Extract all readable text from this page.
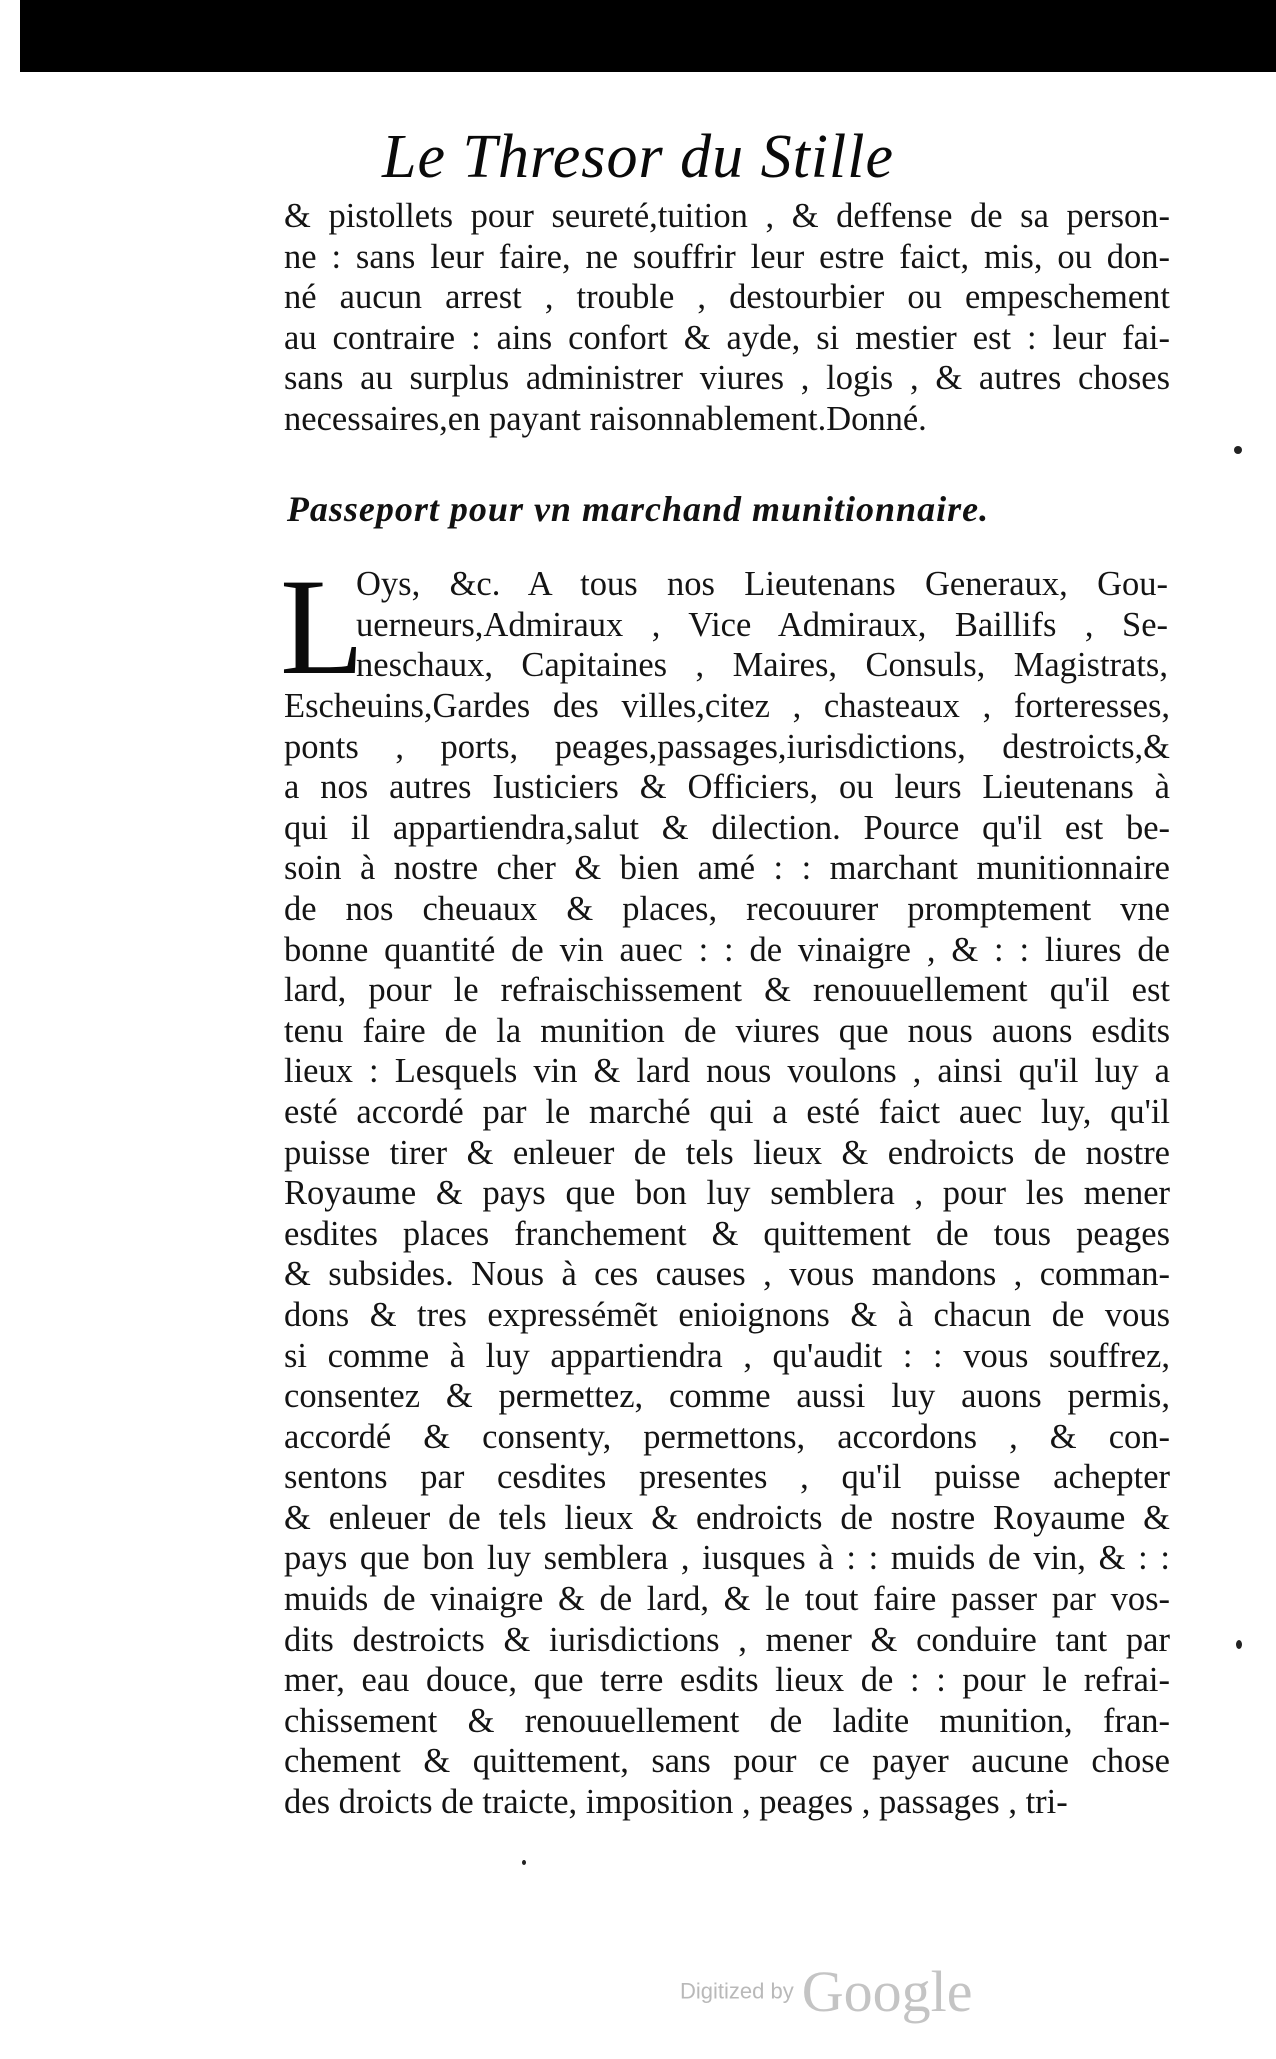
Le Thresor du Stille
& pistollets pour seureté,tuition , & deffense de sa person-
ne : sans leur faire, ne souffrir leur estre faict, mis, ou don-
né aucun arrest , trouble , destourbier ou empeschement
au contraire : ains confort & ayde, si mestier est : leur fai-
sans au surplus administrer viures , logis , & autres choses
necessaires,en payant raisonnablement.Donné.
Passeport pour vn marchand munitionnaire.
L
Oys, &c. A tous nos Lieutenans Generaux, Gou-
uerneurs,Admiraux , Vice Admiraux, Baillifs , Se-
neschaux, Capitaines , Maires, Consuls, Magistrats,
Escheuins,Gardes des villes,citez , chasteaux , forteresses,
ponts , ports, peages,passages,iurisdictions, destroicts,&
a nos autres Iusticiers & Officiers, ou leurs Lieutenans à
qui il appartiendra,salut & dilection. Pource qu'il est be-
soin à nostre cher & bien amé : : marchant munitionnaire
de nos cheuaux & places, recouurer promptement vne
bonne quantité de vin auec : : de vinaigre , & : : liures de
lard, pour le refraischissement & renouuellement qu'il est
tenu faire de la munition de viures que nous auons esdits
lieux : Lesquels vin & lard nous voulons , ainsi qu'il luy a
esté accordé par le marché qui a esté faict auec luy, qu'il
puisse tirer & enleuer de tels lieux & endroicts de nostre
Royaume & pays que bon luy semblera , pour les mener
esdites places franchement & quittement de tous peages
& subsides. Nous à ces causes , vous mandons , comman-
dons & tres expressémẽt enioignons & à chacun de vous
si comme à luy appartiendra , qu'audit : : vous souffrez,
consentez & permettez, comme aussi luy auons permis,
accordé & consenty, permettons, accordons , & con-
sentons par cesdites presentes , qu'il puisse achepter
& enleuer de tels lieux & endroicts de nostre Royaume &
pays que bon luy semblera , iusques à : : muids de vin, & : :
muids de vinaigre & de lard, & le tout faire passer par vos-
dits destroicts & iurisdictions , mener & conduire tant par
mer, eau douce, que terre esdits lieux de : : pour le refrai-
chissement & renouuellement de ladite munition, fran-
chement & quittement, sans pour ce payer aucune chose
des droicts de traicte, imposition , peages , passages , tri-
Digitized by Google
